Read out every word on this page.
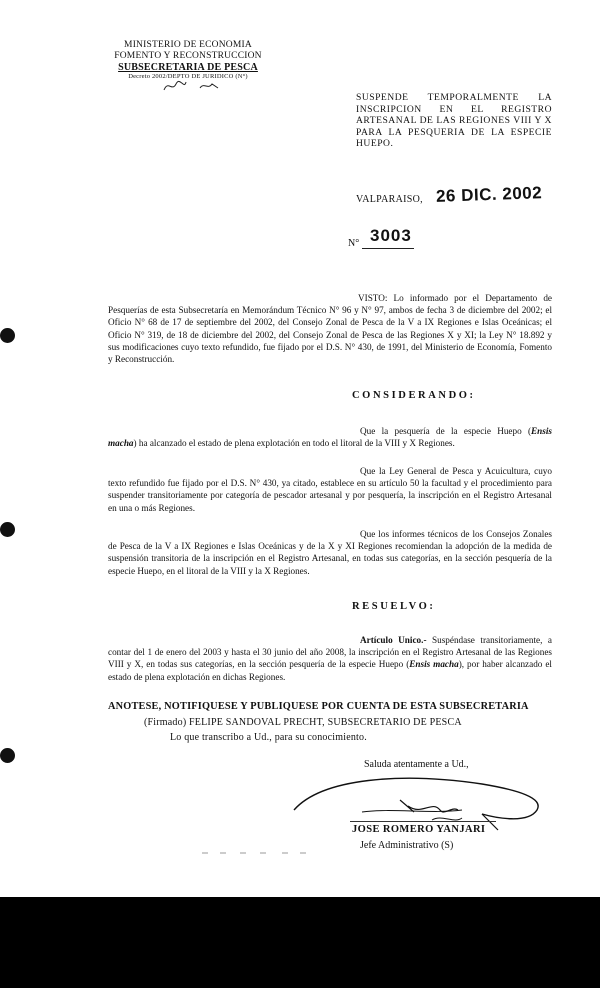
MINISTERIO DE ECONOMIA
FOMENTO Y RECONSTRUCCION
SUBSECRETARIA DE PESCA
Decreto 2002/DEPTO DE JURIDICO (N°)
SUSPENDE TEMPORALMENTE LA INSCRIPCION EN EL REGISTRO ARTESANAL DE LAS REGIONES VIII Y X PARA LA PESQUERIA DE LA ESPECIE HUEPO.
VALPARAISO, 26 DIC. 2002
N° 3003
VISTO: Lo informado por el Departamento de Pesquerías de esta Subsecretaría en Memorándum Técnico N° 96 y N° 97, ambos de fecha 3 de diciembre del 2002; el Oficio N° 68 de 17 de septiembre del 2002, del Consejo Zonal de Pesca de la V a IX Regiones e Islas Oceánicas; el Oficio N° 319, de 18 de diciembre del 2002, del Consejo Zonal de Pesca de las Regiones X y XI; la Ley N° 18.892 y sus modificaciones cuyo texto refundido, fue fijado por el D.S. N° 430, de 1991, del Ministerio de Economía, Fomento y Reconstrucción.
CONSIDERANDO:
Que la pesquería de la especie Huepo (Ensis macha) ha alcanzado el estado de plena explotación en todo el litoral de la VIII y X Regiones.
Que la Ley General de Pesca y Acuicultura, cuyo texto refundido fue fijado por el D.S. N° 430, ya citado, establece en su artículo 50 la facultad y el procedimiento para suspender transitoriamente por categoría de pescador artesanal y por pesquería, la inscripción en el Registro Artesanal en una o más Regiones.
Que los informes técnicos de los Consejos Zonales de Pesca de la V a IX Regiones e Islas Oceánicas y de la X y XI Regiones recomiendan la adopción de la medida de suspensión transitoria de la inscripción en el Registro Artesanal, en todas sus categorías, en la sección pesquería de la especie Huepo, en el litoral de la VIII y la X Regiones.
RESUELVO:
Artículo Unico.- Suspéndase transitoriamente, a contar del 1 de enero del 2003 y hasta el 30 junio del año 2008, la inscripción en el Registro Artesanal de las Regiones VIII y X, en todas sus categorías, en la sección pesquería de la especie Huepo (Ensis macha), por haber alcanzado el estado de plena explotación en dichas Regiones.
ANOTESE, NOTIFIQUESE Y PUBLIQUESE POR CUENTA DE ESTA SUBSECRETARIA
(Firmado) FELIPE SANDOVAL PRECHT, SUBSECRETARIO DE PESCA
Lo que transcribo a Ud., para su conocimiento.
Saluda atentamente a Ud.,
JOSE ROMERO YANJARI
Jefe Administrativo (S)
